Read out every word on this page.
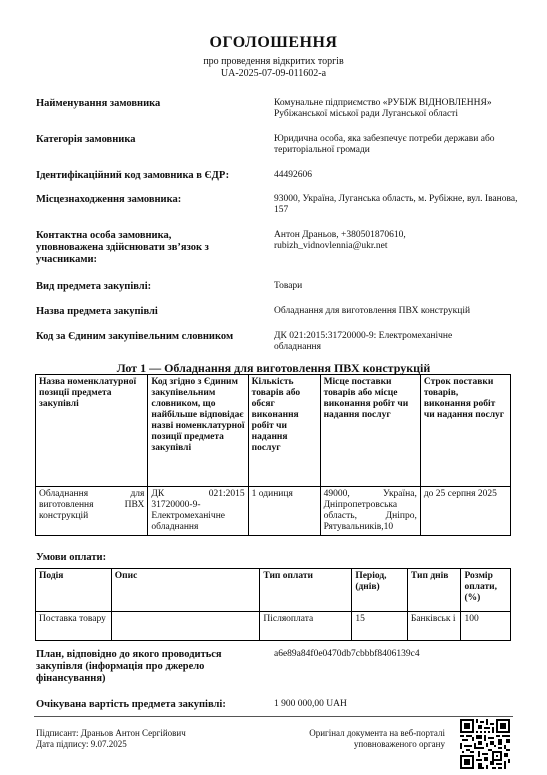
ОГОЛОШЕННЯ
про проведення відкритих торгів
UA-2025-07-09-011602-a
Найменування замовника	Комунальне підприємство «РУБІЖ ВІДНОВЛЕННЯ» Рубіжанської міської ради Луганської області
Категорія замовника	Юридична особа, яка забезпечує потреби держави або територіальної громади
Ідентифікаційний код замовника в ЄДР:	44492606
Місцезнаходження замовника:	93000, Україна, Луганська область, м. Рубіжне, вул. Іванова, 157
Контактна особа замовника, уповноважена здійснювати зв’язок з учасниками:
Антон Драньов, +380501870610, rubizh_vidnovlennia@ukr.net
Вид предмета закупівлі:	Товари
Назва предмета закупівлі	Обладнання для виготовлення ПВХ конструкцій
Код за Єдиним закупівельним словником	ДК 021:2015:31720000-9: Електромеханічне обладнання
Лот 1 — Обладнання для виготовлення ПВХ конструкцій
Назва номенклатурної позиції предмета закупівлі	Код згідно з Єдиним закупівельним словником, що найбільше відповідає назві номенклатурної позиції предмета закупівлі	Кількість товарів або обсяг виконання робіт чи надання послуг	Місце поставки товарів або місце виконання робіт чи надання послуг	Строк поставки товарів, виконання робіт чи надання послуг
Обладнання для виготовлення ПВХ конструкцій	ДК 021:2015 31720000-9-Електромеханічне обладнання	1 одиниця	49000, Україна, Дніпропетровська область, Дніпро, Рятувальників,10	до 25 серпня 2025
Умови оплати:
Подія	Опис	Тип оплати	Період, (днів)	Тип днів	Розмір оплати, (%)
Поставка товару		Післяоплата	15	Банківськ і	100
План, відповідно до якого проводиться закупівля (інформація про джерело фінансування)
a6e89a84f0e0470db7cbbbf8406139c4
Очікувана вартість предмета закупівлі:	1 900 000,00 UAH
Підписант: Драньов Антон Сергійович
Дата підпису: 9.07.2025
Оригінал документа на веб-порталі
уповноваженого органу
